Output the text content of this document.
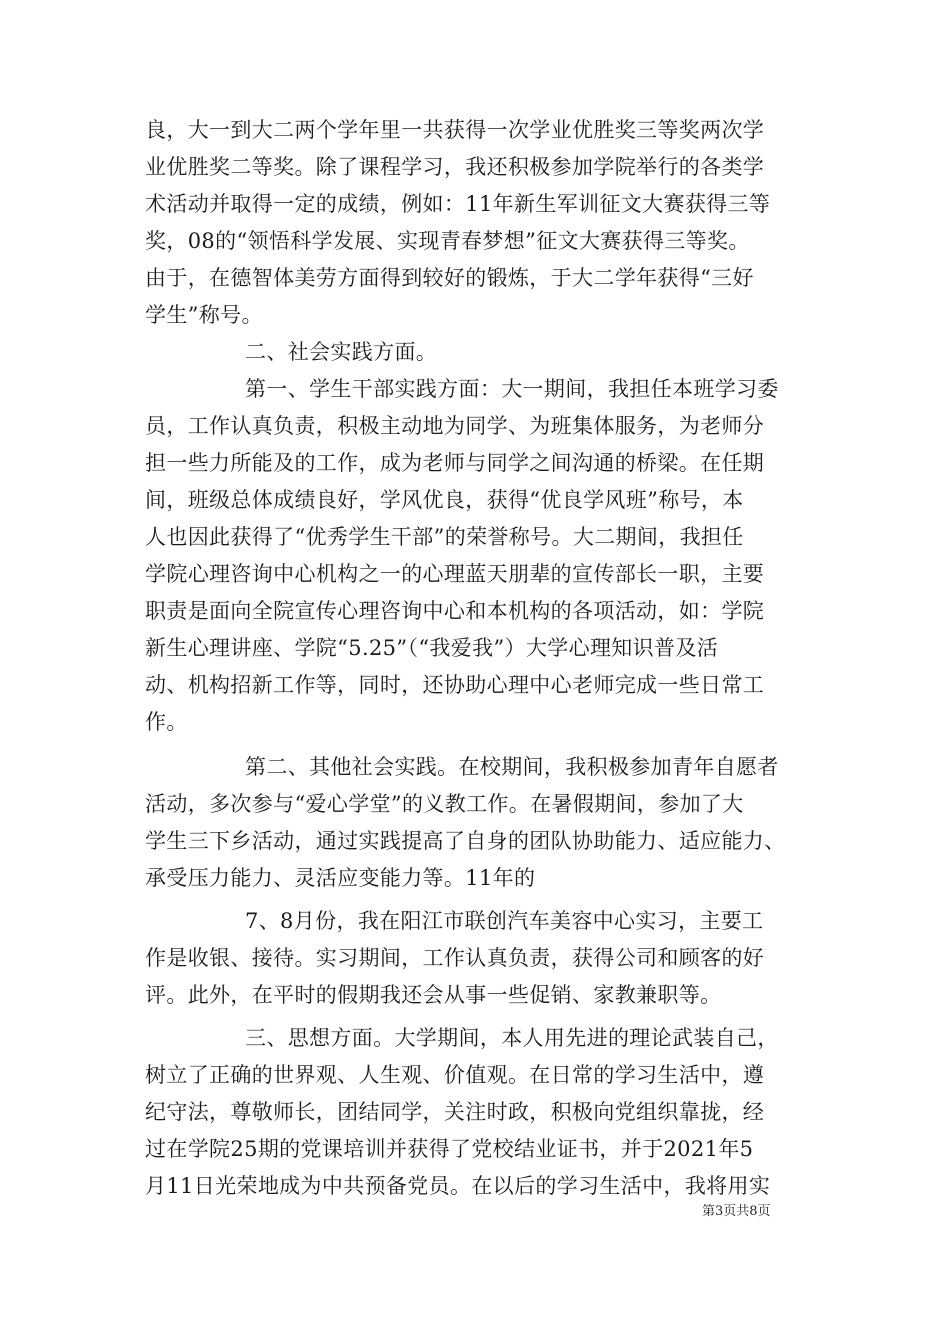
良，大一到大二两个学年里一共获得一次学业优胜奖三等奖两次学
业优胜奖二等奖。除了课程学习，我还积极参加学院举行的各类学
术活动并取得一定的成绩，例如：11年新生军训征文大赛获得三等
奖，08的“领悟科学发展、实现青春梦想”征文大赛获得三等奖。
由于，在德智体美劳方面得到较好的锻炼，于大二学年获得“三好
学生”称号。
二、社会实践方面。
第一、学生干部实践方面：大一期间，我担任本班学习委
员，工作认真负责，积极主动地为同学、为班集体服务，为老师分
担一些力所能及的工作，成为老师与同学之间沟通的桥梁。在任期
间，班级总体成绩良好，学风优良，获得“优良学风班”称号，本
人也因此获得了“优秀学生干部”的荣誉称号。大二期间，我担任
学院心理咨询中心机构之一的心理蓝天朋辈的宣传部长一职，主要
职责是面向全院宣传心理咨询中心和本机构的各项活动，如：学院
新生心理讲座、学院“5.25”（“我爱我”）大学心理知识普及活
动、机构招新工作等，同时，还协助心理中心老师完成一些日常工
作。
第二、其他社会实践。在校期间，我积极参加青年自愿者
活动，多次参与“爱心学堂”的义教工作。在暑假期间，参加了大
学生三下乡活动，通过实践提高了自身的团队协助能力、适应能力、
承受压力能力、灵活应变能力等。11年的
7、8月份，我在阳江市联创汽车美容中心实习，主要工
作是收银、接待。实习期间，工作认真负责，获得公司和顾客的好
评。此外，在平时的假期我还会从事一些促销、家教兼职等。
三、思想方面。大学期间，本人用先进的理论武装自己，
树立了正确的世界观、人生观、价值观。在日常的学习生活中，遵
纪守法，尊敬师长，团结同学，关注时政，积极向党组织靠拢，经
过在学院25期的党课培训并获得了党校结业证书，并于2021年5
月11日光荣地成为中共预备党员。在以后的学习生活中，我将用实
第3页共8页
